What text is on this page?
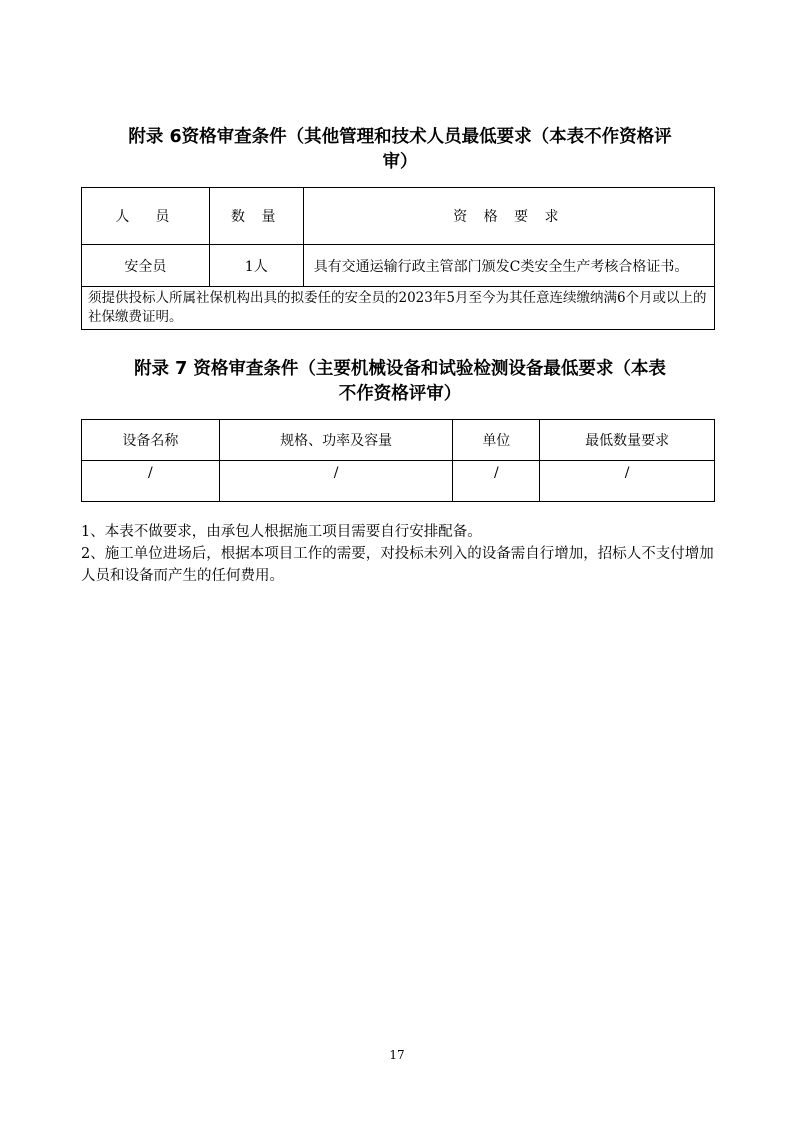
附录 6资格审查条件（其他管理和技术人员最低要求（本表不作资格评
审）
人　员	数 量	资 格 要 求
安全员	1人	具有交通运输行政主管部门颁发C类安全生产考核合格证书。
须提供投标人所属社保机构出具的拟委任的安全员的2023年5月至今为其任意连续缴纳满6个月或以上的社保缴费证明。		
附录 7 资格审查条件（主要机械设备和试验检测设备最低要求（本表
不作资格评审）
设备名称	规格、功率及容量	单位	最低数量要求
/	/	/	/

1、本表不做要求，由承包人根据施工项目需要自行安排配备。

2、施工单位进场后，根据本项目工作的需要，对投标未列入的设备需自行增加，招标人不支付增加人员和设备而产生的任何费用。

17
